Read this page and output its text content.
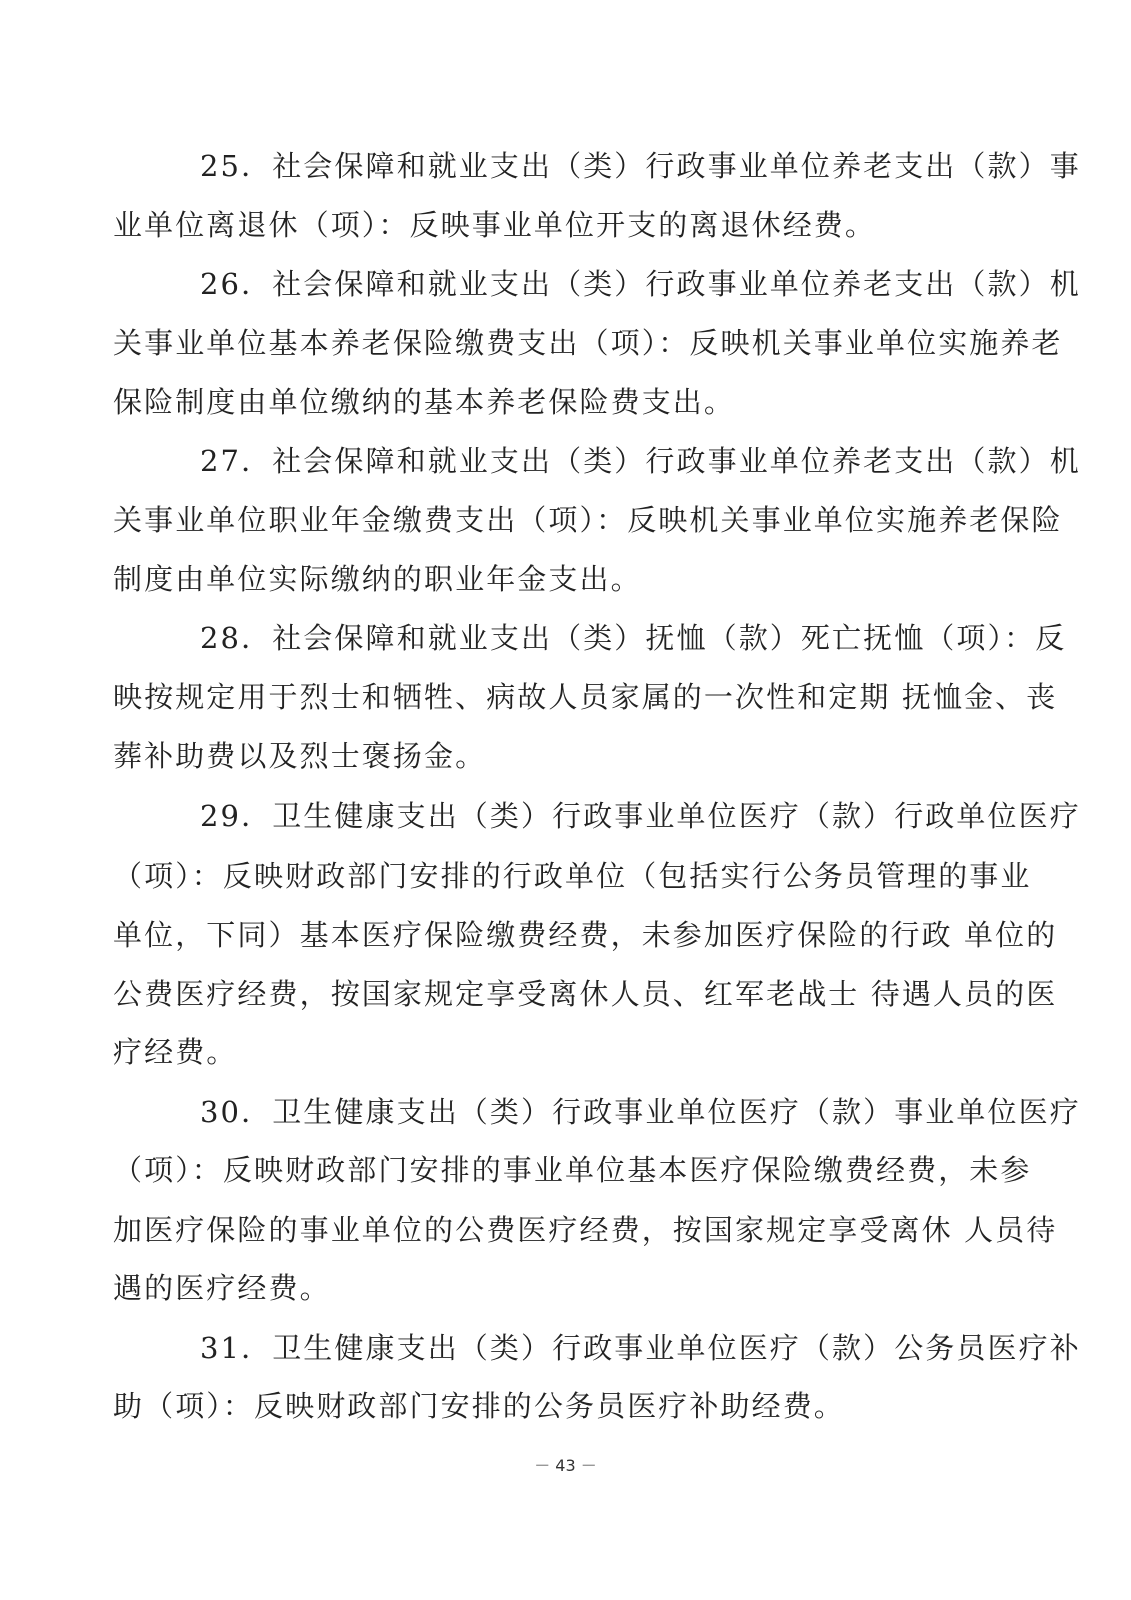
25．社会保障和就业支出（类）行政事业单位养老支出（款）事
业单位离退休（项）：反映事业单位开支的离退休经费。
26．社会保障和就业支出（类）行政事业单位养老支出（款）机
关事业单位基本养老保险缴费支出（项）：反映机关事业单位实施养老
保险制度由单位缴纳的基本养老保险费支出。
27．社会保障和就业支出（类）行政事业单位养老支出（款）机
关事业单位职业年金缴费支出（项）：反映机关事业单位实施养老保险
制度由单位实际缴纳的职业年金支出。
28．社会保障和就业支出（类）抚恤（款）死亡抚恤（项）：反
映按规定用于烈士和牺牲、病故人员家属的一次性和定期 抚恤金、丧
葬补助费以及烈士褒扬金。
29．卫生健康支出（类）行政事业单位医疗（款）行政单位医疗
（项）：反映财政部门安排的行政单位（包括实行公务员管理的事业
单位，下同）基本医疗保险缴费经费，未参加医疗保险的行政 单位的
公费医疗经费，按国家规定享受离休人员、红军老战士 待遇人员的医
疗经费。
30．卫生健康支出（类）行政事业单位医疗（款）事业单位医疗
（项）：反映财政部门安排的事业单位基本医疗保险缴费经费，未参
加医疗保险的事业单位的公费医疗经费，按国家规定享受离休 人员待
遇的医疗经费。
31．卫生健康支出（类）行政事业单位医疗（款）公务员医疗补
助（项）：反映财政部门安排的公务员医疗补助经费。
－ 43 －
